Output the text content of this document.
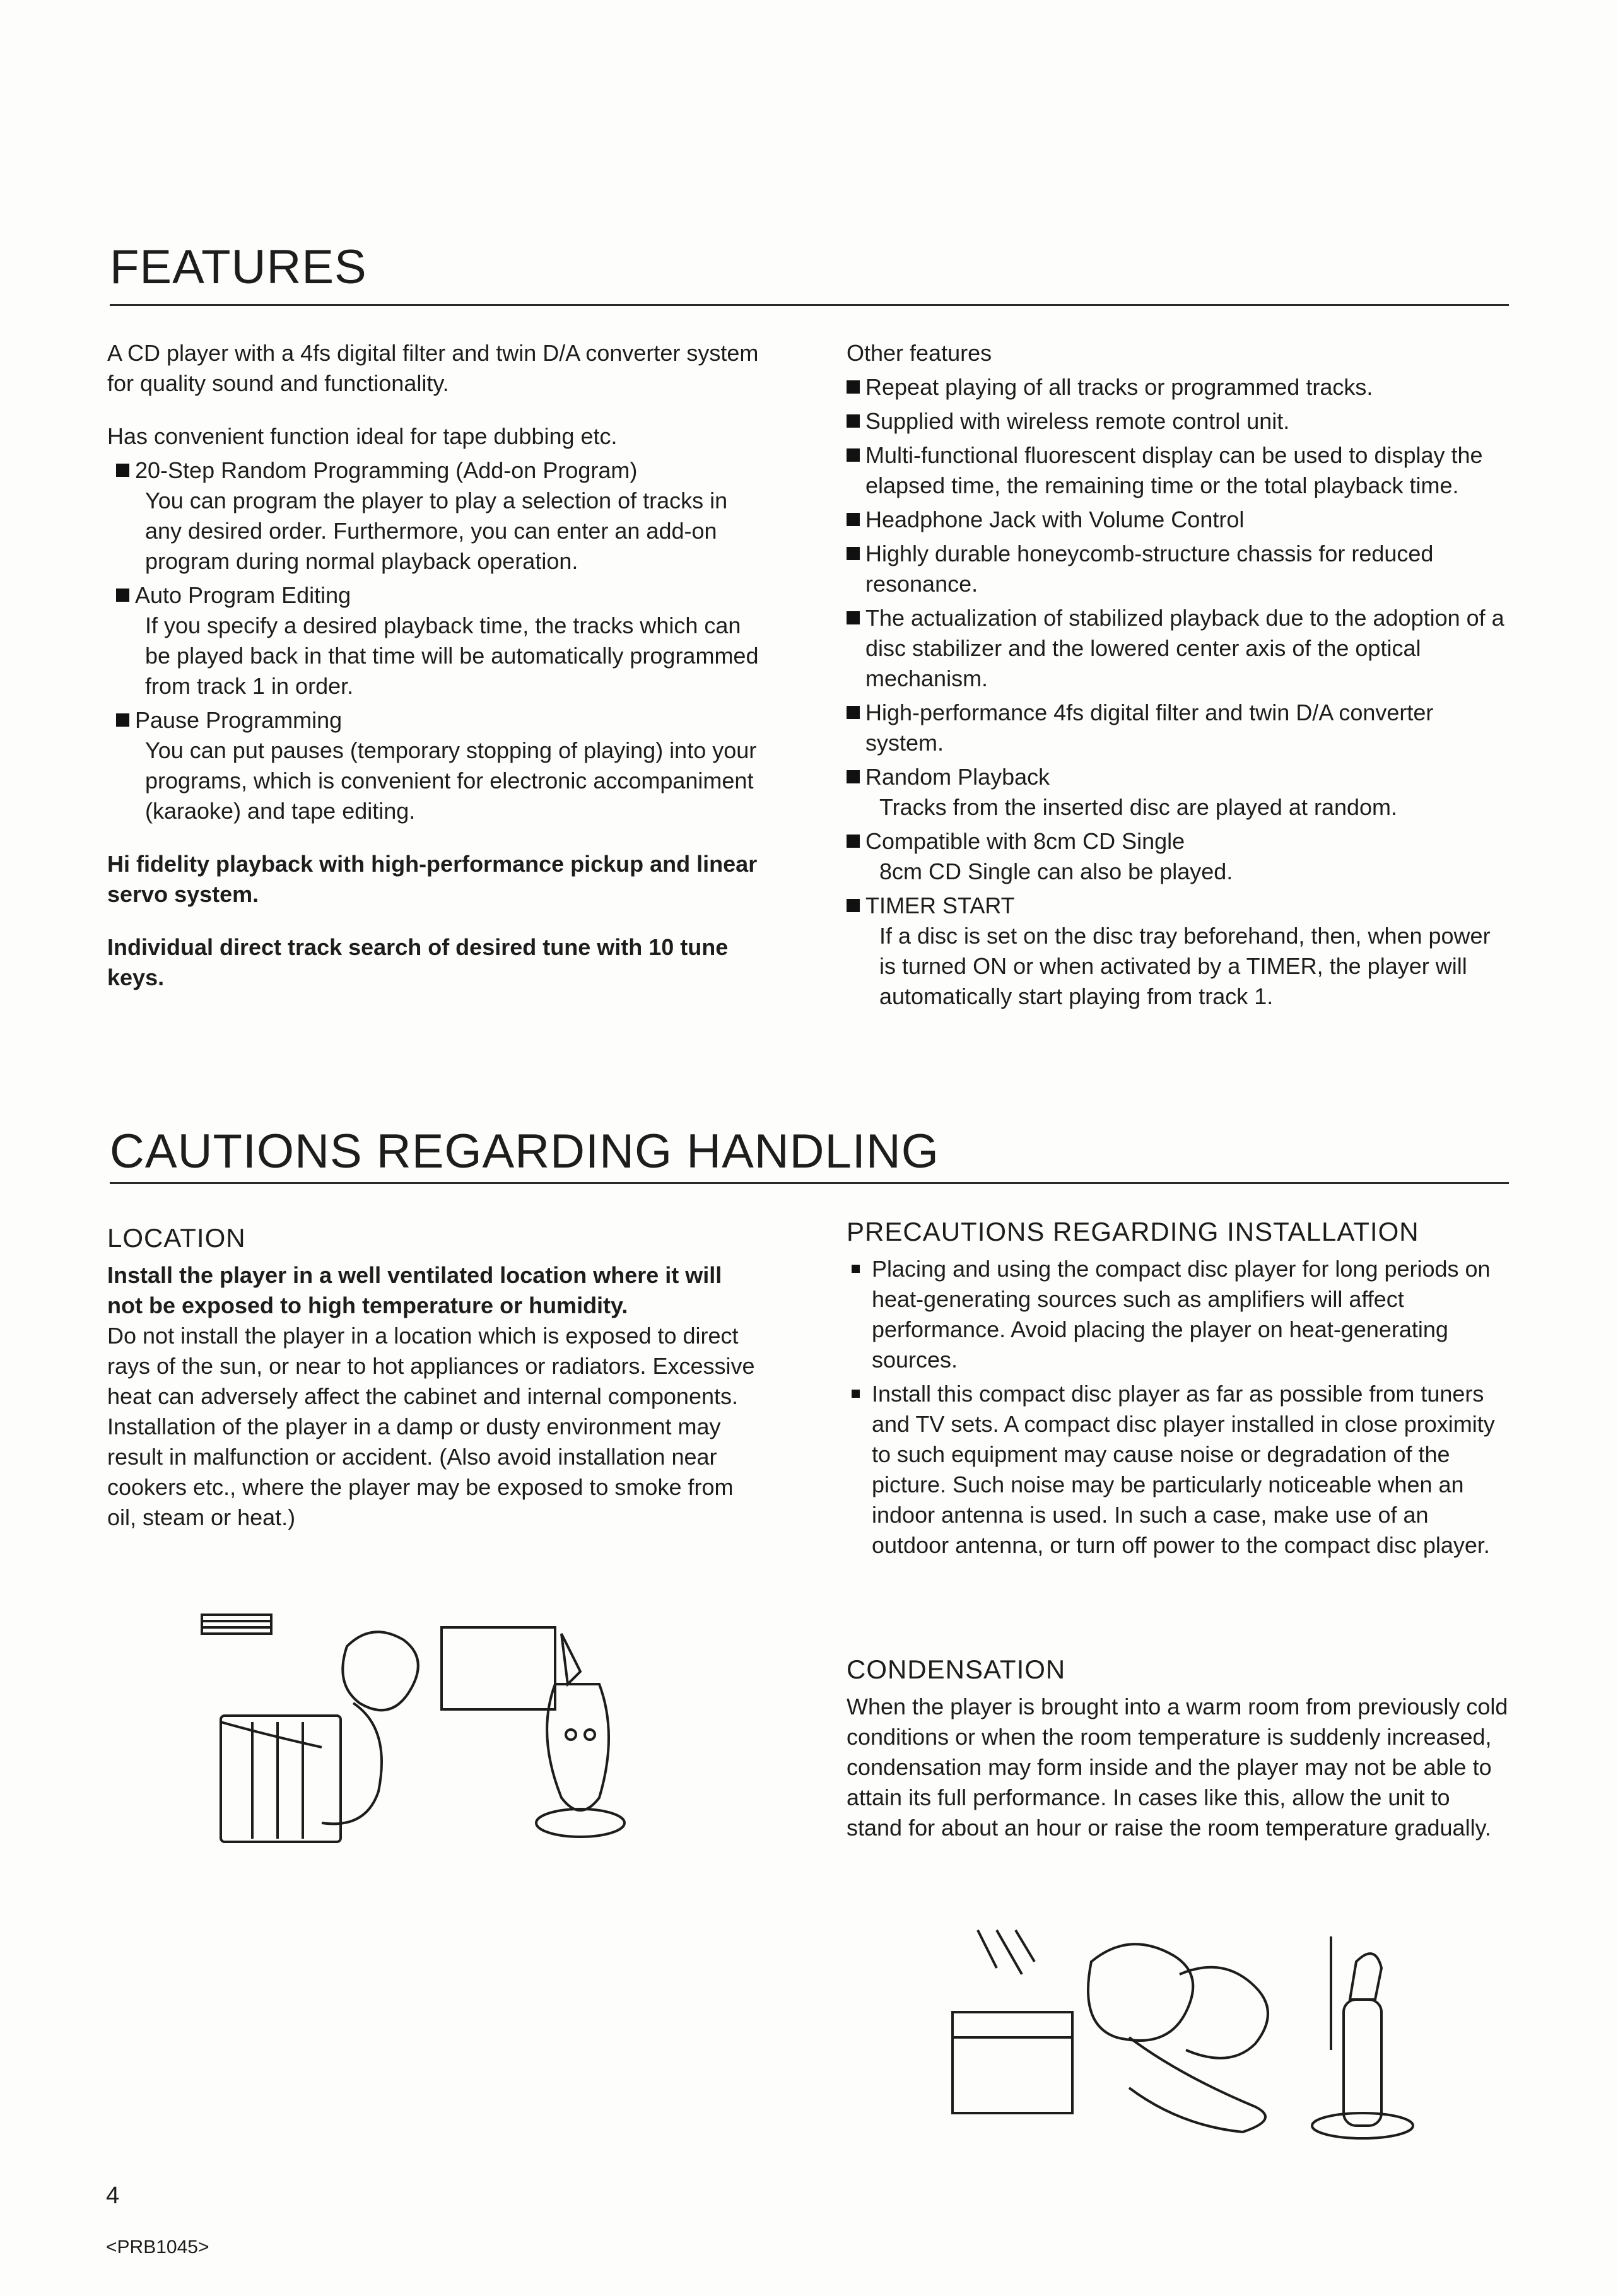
FEATURES

A CD player with a 4fs digital filter and twin D/A converter system for quality sound and functionality.

Has convenient function ideal for tape dubbing etc.

20-Step Random Programming (Add-on Program)

You can program the player to play a selection of tracks in any desired order. Furthermore, you can enter an add-on program during normal playback operation.

Auto Program Editing

If you specify a desired playback time, the tracks which can be played back in that time will be automatically programmed from track 1 in order.

Pause Programming

You can put pauses (temporary stopping of playing) into your programs, which is convenient for electronic accompaniment (karaoke) and tape editing.

Hi fidelity playback with high-performance pickup and linear servo system.

Individual direct track search of desired tune with 10 tune keys.

Other features

Repeat playing of all tracks or programmed tracks.
Supplied with wireless remote control unit.
Multi-functional fluorescent display can be used to display the elapsed time, the remaining time or the total playback time.
Headphone Jack with Volume Control
Highly durable honeycomb-structure chassis for reduced resonance.
The actualization of stabilized playback due to the adoption of a disc stabilizer and the lowered center axis of the optical mechanism.
High-performance 4fs digital filter and twin D/A converter system.
Random Playback

Tracks from the inserted disc are played at random.

Compatible with 8cm CD Single

8cm CD Single can also be played.

TIMER START

If a disc is set on the disc tray beforehand, then, when power is turned ON or when activated by a TIMER, the player will automatically start playing from track 1.

CAUTIONS REGARDING HANDLING
LOCATION

Install the player in a well ventilated location where it will not be exposed to high temperature or humidity.

Do not install the player in a location which is exposed to direct rays of the sun, or near to hot appliances or radiators. Excessive heat can adversely affect the cabinet and internal components. Installation of the player in a damp or dusty environment may result in malfunction or accident. (Also avoid installation near cookers etc., where the player may be exposed to smoke from oil, steam or heat.)

PRECAUTIONS REGARDING INSTALLATION
Placing and using the compact disc player for long periods on heat-generating sources such as amplifiers will affect performance. Avoid placing the player on heat-generating sources.
Install this compact disc player as far as possible from tuners and TV sets. A compact disc player installed in close proximity to such equipment may cause noise or degradation of the picture. Such noise may be particularly noticeable when an indoor antenna is used. In such a case, make use of an outdoor antenna, or turn off power to the compact disc player.
CONDENSATION

When the player is brought into a warm room from previously cold conditions or when the room temperature is suddenly increased, condensation may form inside and the player may not be able to attain its full performance. In cases like this, allow the unit to stand for about an hour or raise the room temperature gradually.

4
<PRB1045>
